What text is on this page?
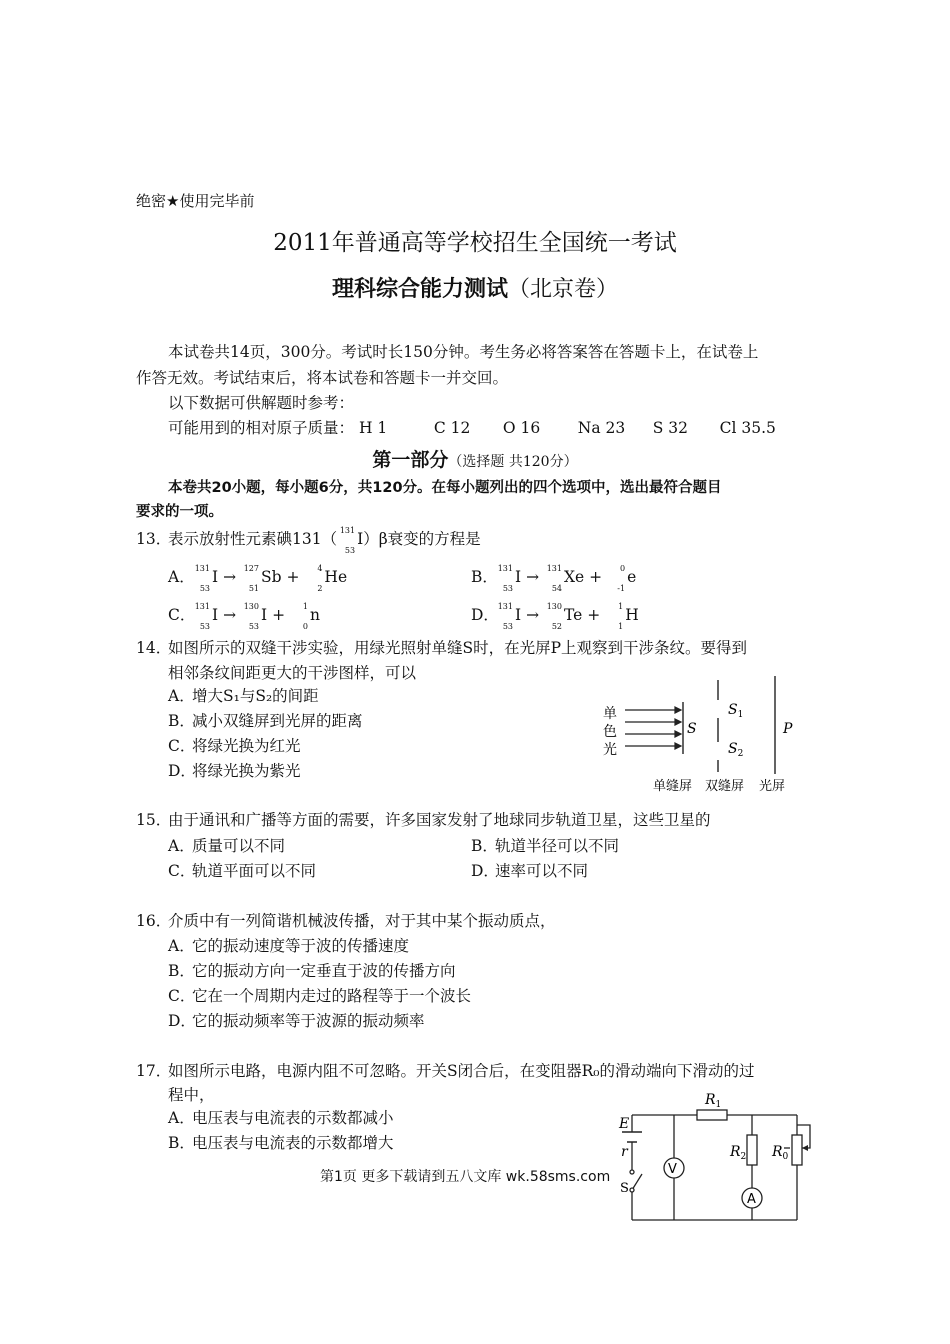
绝密★使用完毕前
2011年普通高等学校招生全国统一考试
理科综合能力测试（北京卷）
本试卷共14页，300分。考试时长150分钟。考生务必将答案答在答题卡上，在试卷上
作答无效。考试结束后，将本试卷和答题卡一并交回。
以下数据可供解题时参考：
可能用到的相对原子质量： H 1	C 12 O 16 Na 23 S 32 Cl 35.5
第一部分（选择题 共120分）
本卷共20小题，每小题6分，共120分。在每小题列出的四个选项中，选出最符合题目
要求的一项。
13．表示放射性元素碘131（ 131
53
I）β衰变的方程是
A． 131
53
I → 127
51
Sb + 4
2
He	B． 131
53
I → 131
54
Xe + 0
-1
e
C． 131
53
I → 130
53
I + 1
0
n	D．
131
53
I → 130
52
Te + 1
1
H
14．如图所示的双缝干涉实验，用绿光照射单缝S时，在光屏P上观察到干涉条纹。要得到
相邻条纹间距更大的干涉图样，可以
A．增大S₁与S₂的间距
B．减小双缝屏到光屏的距离
C．将绿光换为红光
D．将绿光换为紫光
单
色
光
S
$S_1$
$S_2$
P
单缝屏 双缝屏 光屏
15．由于通讯和广播等方面的需要，许多国家发射了地球同步轨道卫星，这些卫星的
A．质量可以不同	B．轨道半径可以不同
C．轨道平面可以不同	D．速率可以不同
16．介质中有一列简谐机械波传播，对于其中某个振动质点，
A．它的振动速度等于波的传播速度
B．它的振动方向一定垂直于波的传播方向
C．它在一个周期内走过的路程等于一个波长
D．它的振动频率等于波源的振动频率
17．如图所示电路，电源内阻不可忽略。开关S闭合后，在变阻器R₀的滑动端向下滑动的过
程中，
A．电压表与电流表的示数都减小
B．电压表与电流表的示数都增大
V
A
$R_1$
$R_2$ $R_0$
E
r
S
第1页 更多下载请到五八文库 wk.58sms.com
